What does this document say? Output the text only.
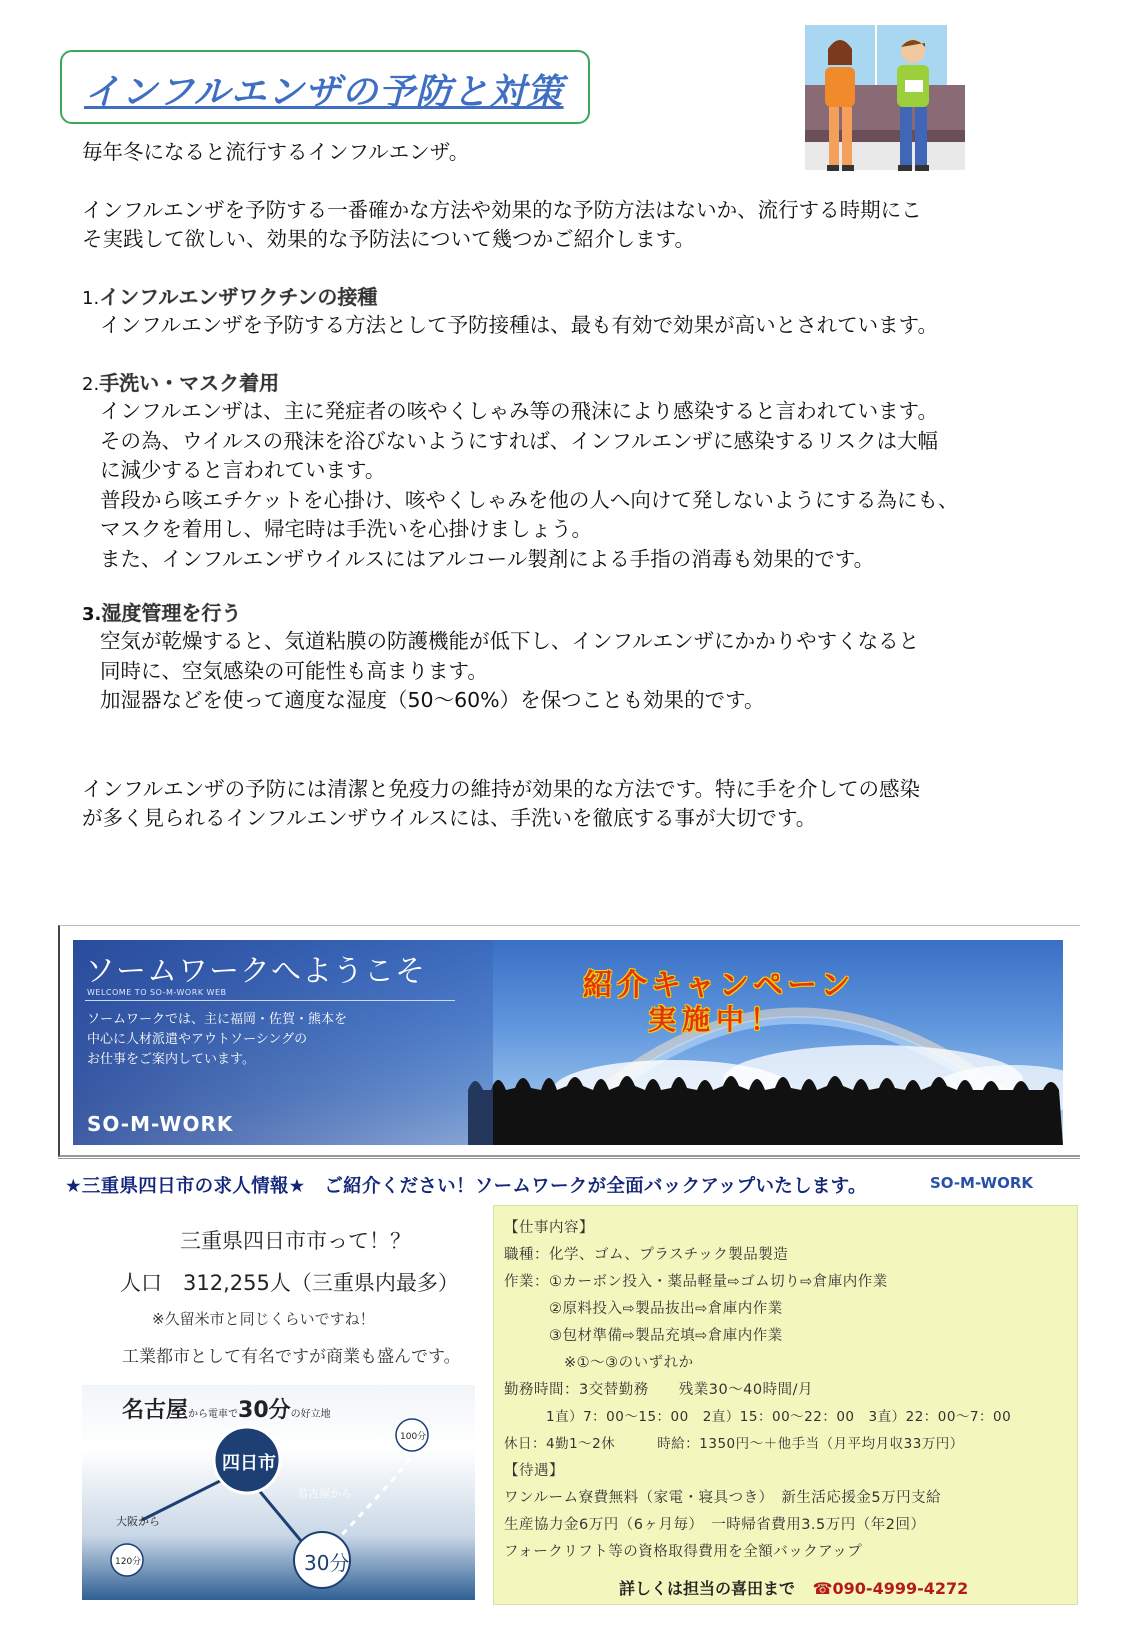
インフルエンザの予防と対策
毎年冬になると流行するインフルエンザ。
インフルエンザを予防する一番確かな方法や効果的な予防方法はないか、流行する時期にこ
そ実践して欲しい、効果的な予防法について幾つかご紹介します。
1.インフルエンザワクチンの接種
インフルエンザを予防する方法として予防接種は、最も有効で効果が高いとされています。
2.手洗い・マスク着用
インフルエンザは、主に発症者の咳やくしゃみ等の飛沫により感染すると言われています。
その為、ウイルスの飛沫を浴びないようにすれば、インフルエンザに感染するリスクは大幅
に減少すると言われています。
普段から咳エチケットを心掛け、咳やくしゃみを他の人へ向けて発しないようにする為にも、
マスクを着用し、帰宅時は手洗いを心掛けましょう。
また、インフルエンザウイルスにはアルコール製剤による手指の消毒も効果的です。
3.湿度管理を行う
空気が乾燥すると、気道粘膜の防護機能が低下し、インフルエンザにかかりやすくなると
同時に、空気感染の可能性も高まります。
加湿器などを使って適度な湿度（50～60%）を保つことも効果的です。
インフルエンザの予防には清潔と免疫力の維持が効果的な方法です。特に手を介しての感染
が多く見られるインフルエンザウイルスには、手洗いを徹底する事が大切です。
ソームワークへようこそ
WELCOME TO SO-M-WORK WEB
ソームワークでは、主に福岡・佐賀・熊本を
中心に人材派遣やアウトソーシングの
お仕事をご案内しています。
SO-M-WORK
紹介キャンペーン
実施中！
★三重県四日市の求人情報★　ご紹介ください！ソームワークが全面バックアップいたします。	SO-M-WORK
三重県四日市市って！？
人口　312,255人（三重県内最多）
※久留米市と同じくらいですね！
工業都市として有名ですが商業も盛んです。
名古屋から電車で30分の好立地
四日市
名古屋から
大阪から
30分
120分
100分
【仕事内容】
職種：化学、ゴム、プラスチック製品製造
作業：①カーボン投入・薬品軽量⇨ゴム切り⇨倉庫内作業
　　　②原料投入⇨製品抜出⇨倉庫内作業
　　　③包材準備⇨製品充填⇨倉庫内作業
　　　　※①～③のいずれか
勤務時間：3交替勤務　　残業30～40時間/月
　　　1直）7：00～15：00　2直）15：00～22：00　3直）22：00～7：00
休日：4勤1～2休　　　時給：1350円～＋他手当（月平均月収33万円）
【待遇】
ワンルーム寮費無料（家電・寝具つき）　新生活応援金5万円支給
生産協力金6万円（6ヶ月毎）　一時帰省費用3.5万円（年2回）
フォークリフト等の資格取得費用を全額バックアップ
詳しくは担当の喜田まで ☎090-4999-4272
